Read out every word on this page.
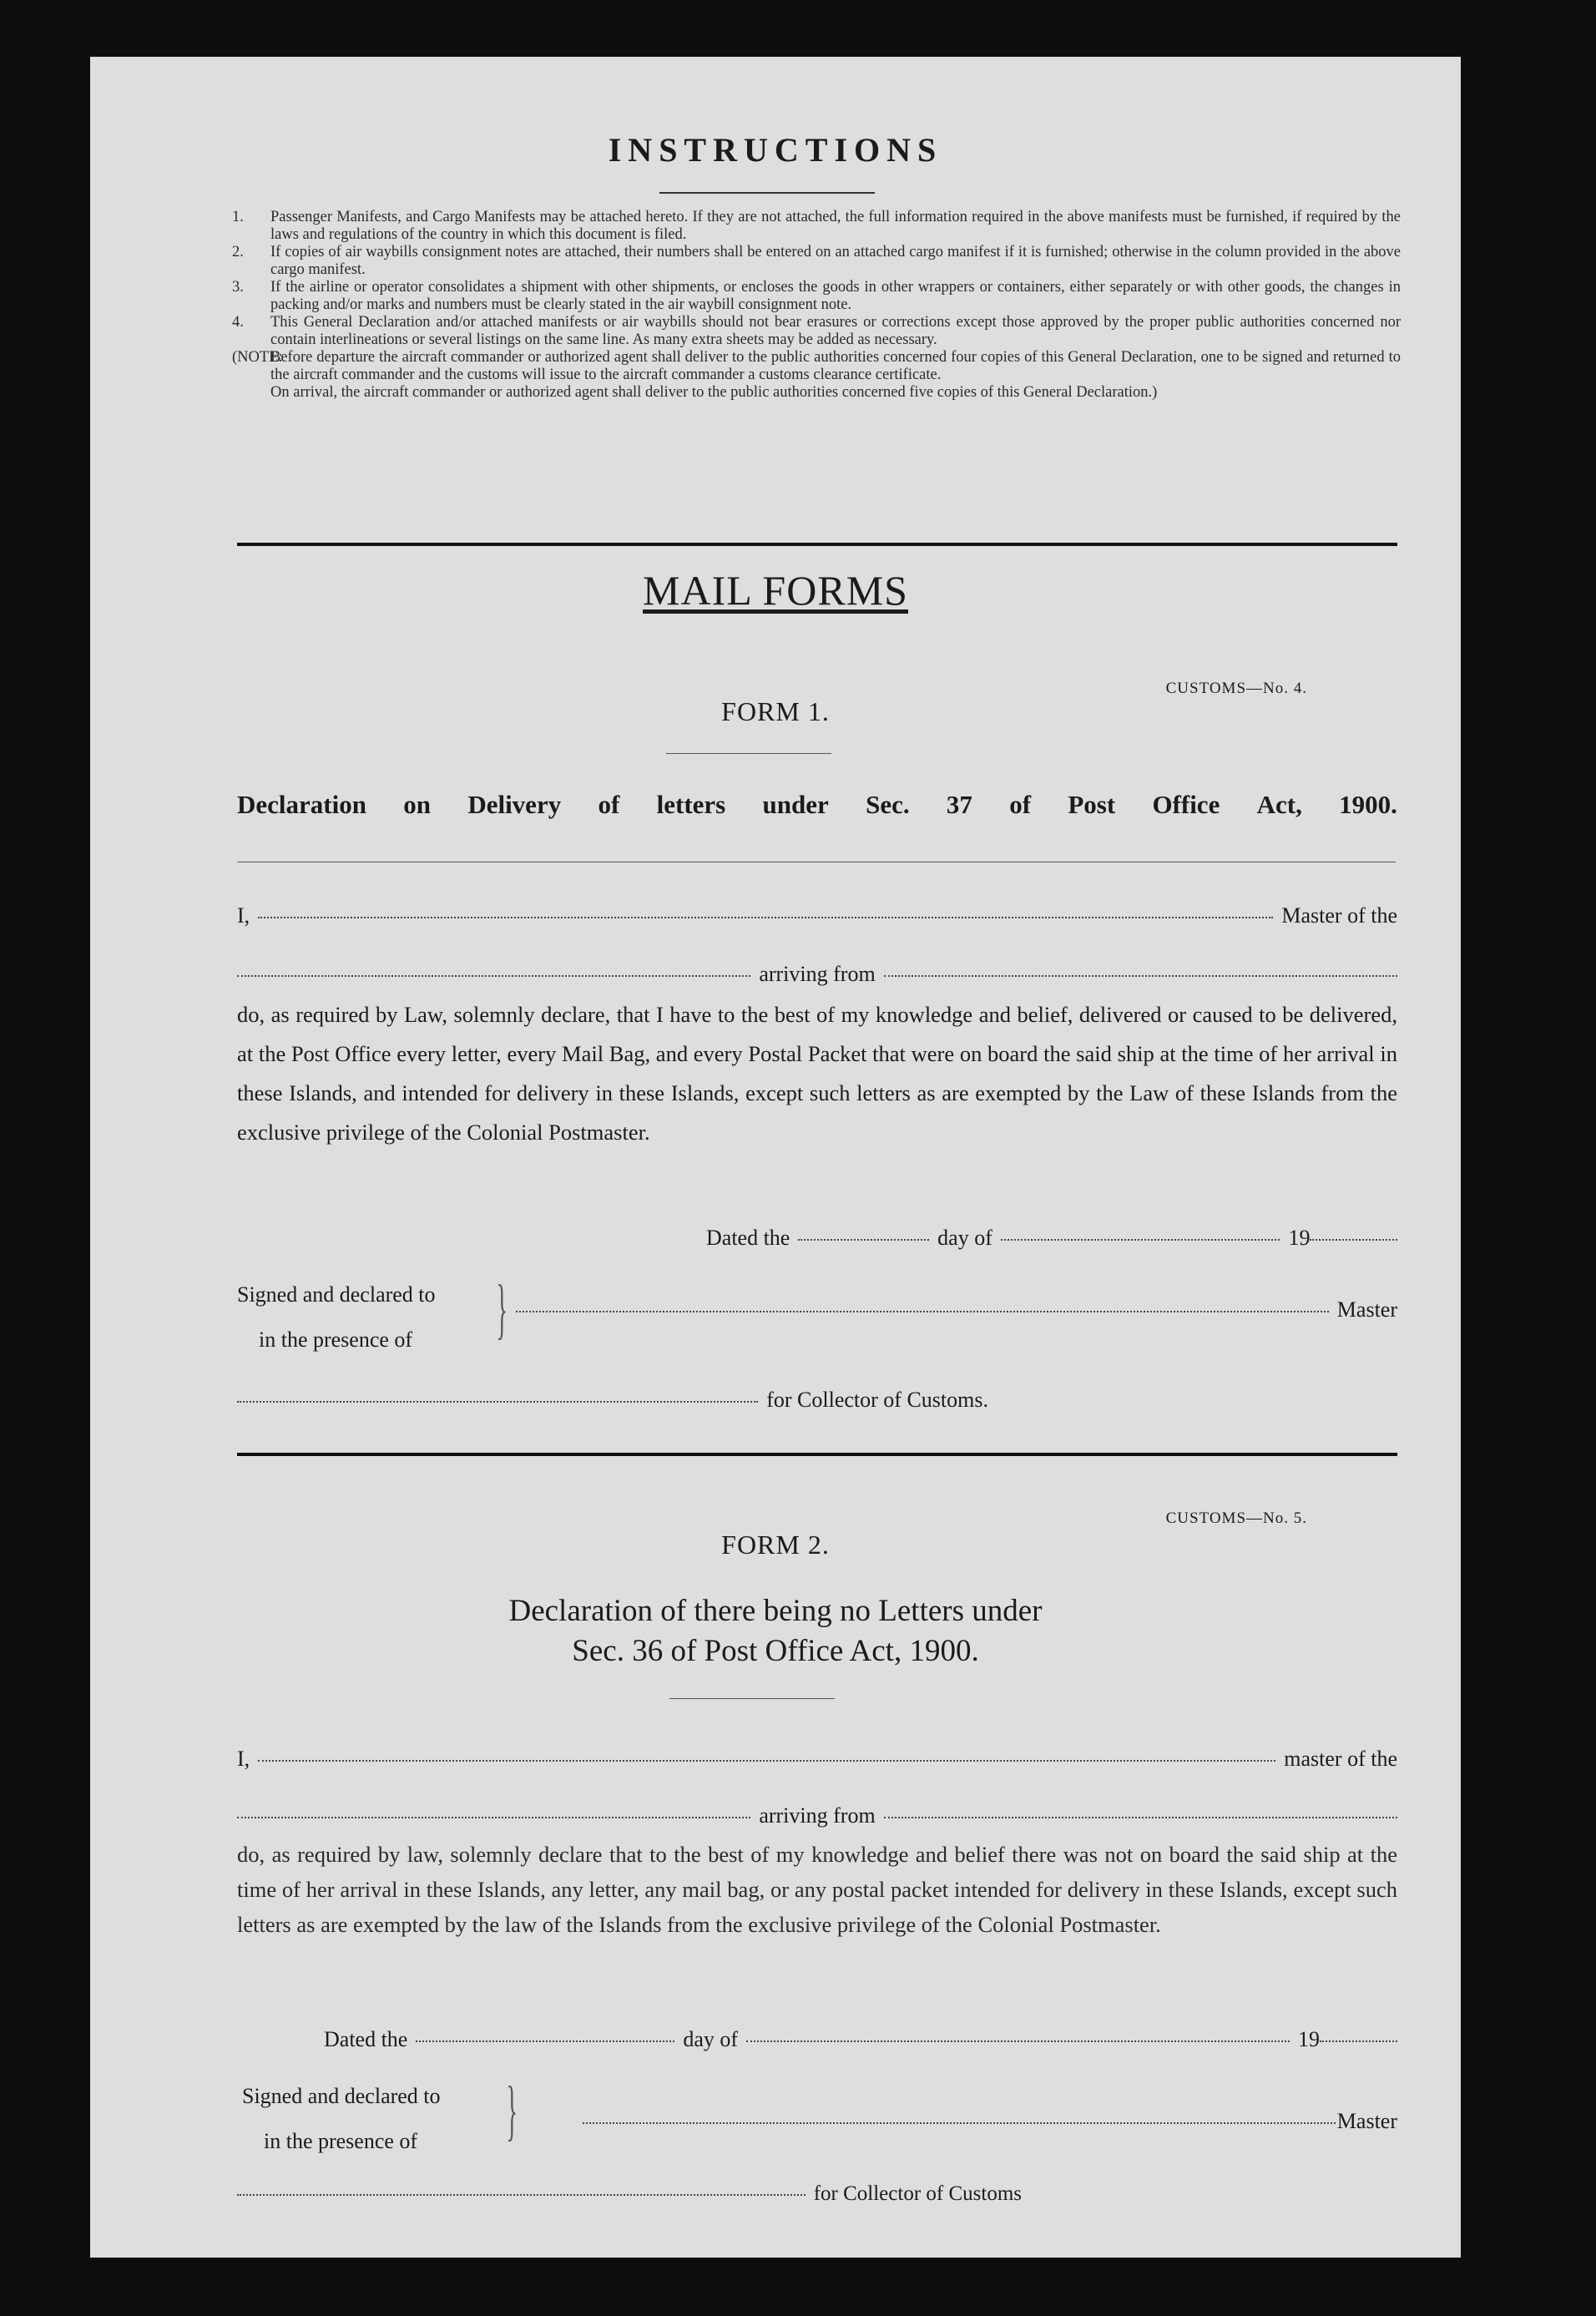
INSTRUCTIONS
1.	Passenger Manifests, and Cargo Manifests may be attached hereto. If they are not attached, the full information required in the above manifests must be furnished, if required by the laws and regulations of the country in which this document is filed.
2.	If copies of air waybills consignment notes are attached, their numbers shall be entered on an attached cargo manifest if it is furnished; otherwise in the column provided in the above cargo manifest.
3.	If the airline or operator consolidates a shipment with other shipments, or encloses the goods in other wrappers or containers, either separately or with other goods, the changes in packing and/or marks and numbers must be clearly stated in the air waybill consignment note.
4.	This General Declaration and/or attached manifests or air waybills should not bear erasures or corrections except those approved by the proper public authorities concerned nor contain interlineations or several listings on the same line. As many extra sheets may be added as necessary.
(NOTE:
Before departure the aircraft commander or authorized agent shall deliver to the public authorities concerned four copies of this General Declaration, one to be signed and returned to the aircraft commander and the customs will issue to the aircraft commander a customs clearance certificate.
On arrival, the aircraft commander or authorized agent shall deliver to the public authorities concerned five copies of this General Declaration.)
MAIL FORMS
CUSTOMS—No. 4.
FORM 1.
Declaration on Delivery of letters under Sec. 37 of Post Office Act, 1900.
I,	Master of the
arriving from
do, as required by Law, solemnly declare, that I have to the best of my knowledge and belief, delivered or caused to be delivered, at the Post Office every letter, every Mail Bag, and every Postal Packet that were on board the said ship at the time of her arrival in these Islands, and intended for delivery in these Islands, except such letters as are exempted by the Law of these Islands from the exclusive privilege of the Colonial Postmaster.
Dated the	day of	19
Signed and declared to
in the presence of	}	Master
for Collector of Customs.
CUSTOMS—No. 5.
FORM 2.
Declaration of there being no Letters under
Sec. 36 of Post Office Act, 1900.
I,	master of the
arriving from
do, as required by law, solemnly declare that to the best of my knowledge and belief there was not on board the said ship at the time of her arrival in these Islands, any letter, any mail bag, or any postal packet intended for delivery in these Islands, except such letters as are exempted by the law of the Islands from the exclusive privilege of the Colonial Postmaster.
Dated the	day of	19
Signed and declared to
in the presence of	}	Master
for Collector of Customs
